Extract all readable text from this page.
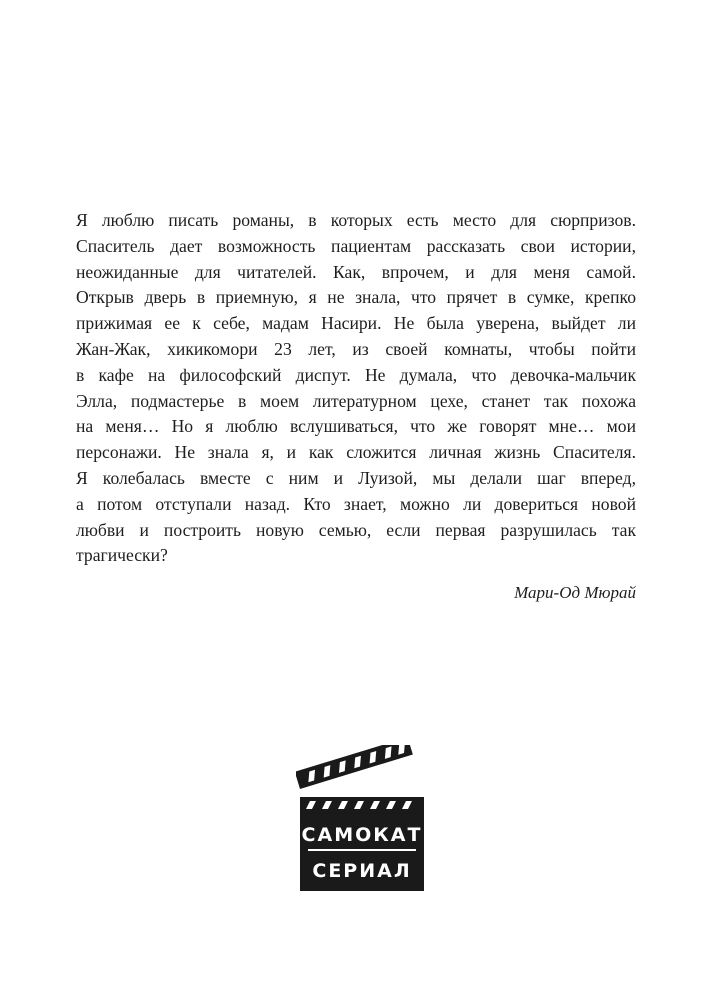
Я люблю писать романы, в которых есть место для сюрпризов.
Спаситель дает возможность пациентам рассказать свои истории,
неожиданные для читателей. Как, впрочем, и для меня самой.
Открыв дверь в приемную, я не знала, что прячет в сумке, крепко
прижимая ее к себе, мадам Насири. Не была уверена, выйдет ли
Жан-Жак, хикикомори 23 лет, из своей комнаты, чтобы пойти
в кафе на философский диспут. Не думала, что девочка-мальчик
Элла, подмастерье в моем литературном цехе, станет так похожа
на меня… Но я люблю вслушиваться, что же говорят мне… мои
персонажи. Не знала я, и как сложится личная жизнь Спасителя.
Я колебалась вместе с ним и Луизой, мы делали шаг вперед,
а потом отступали назад. Кто знает, можно ли довериться новой
любви и построить новую семью, если первая разрушилась так
трагически?
Мари-Од Мюрай
САМОКАТ
СЕРИАЛ
